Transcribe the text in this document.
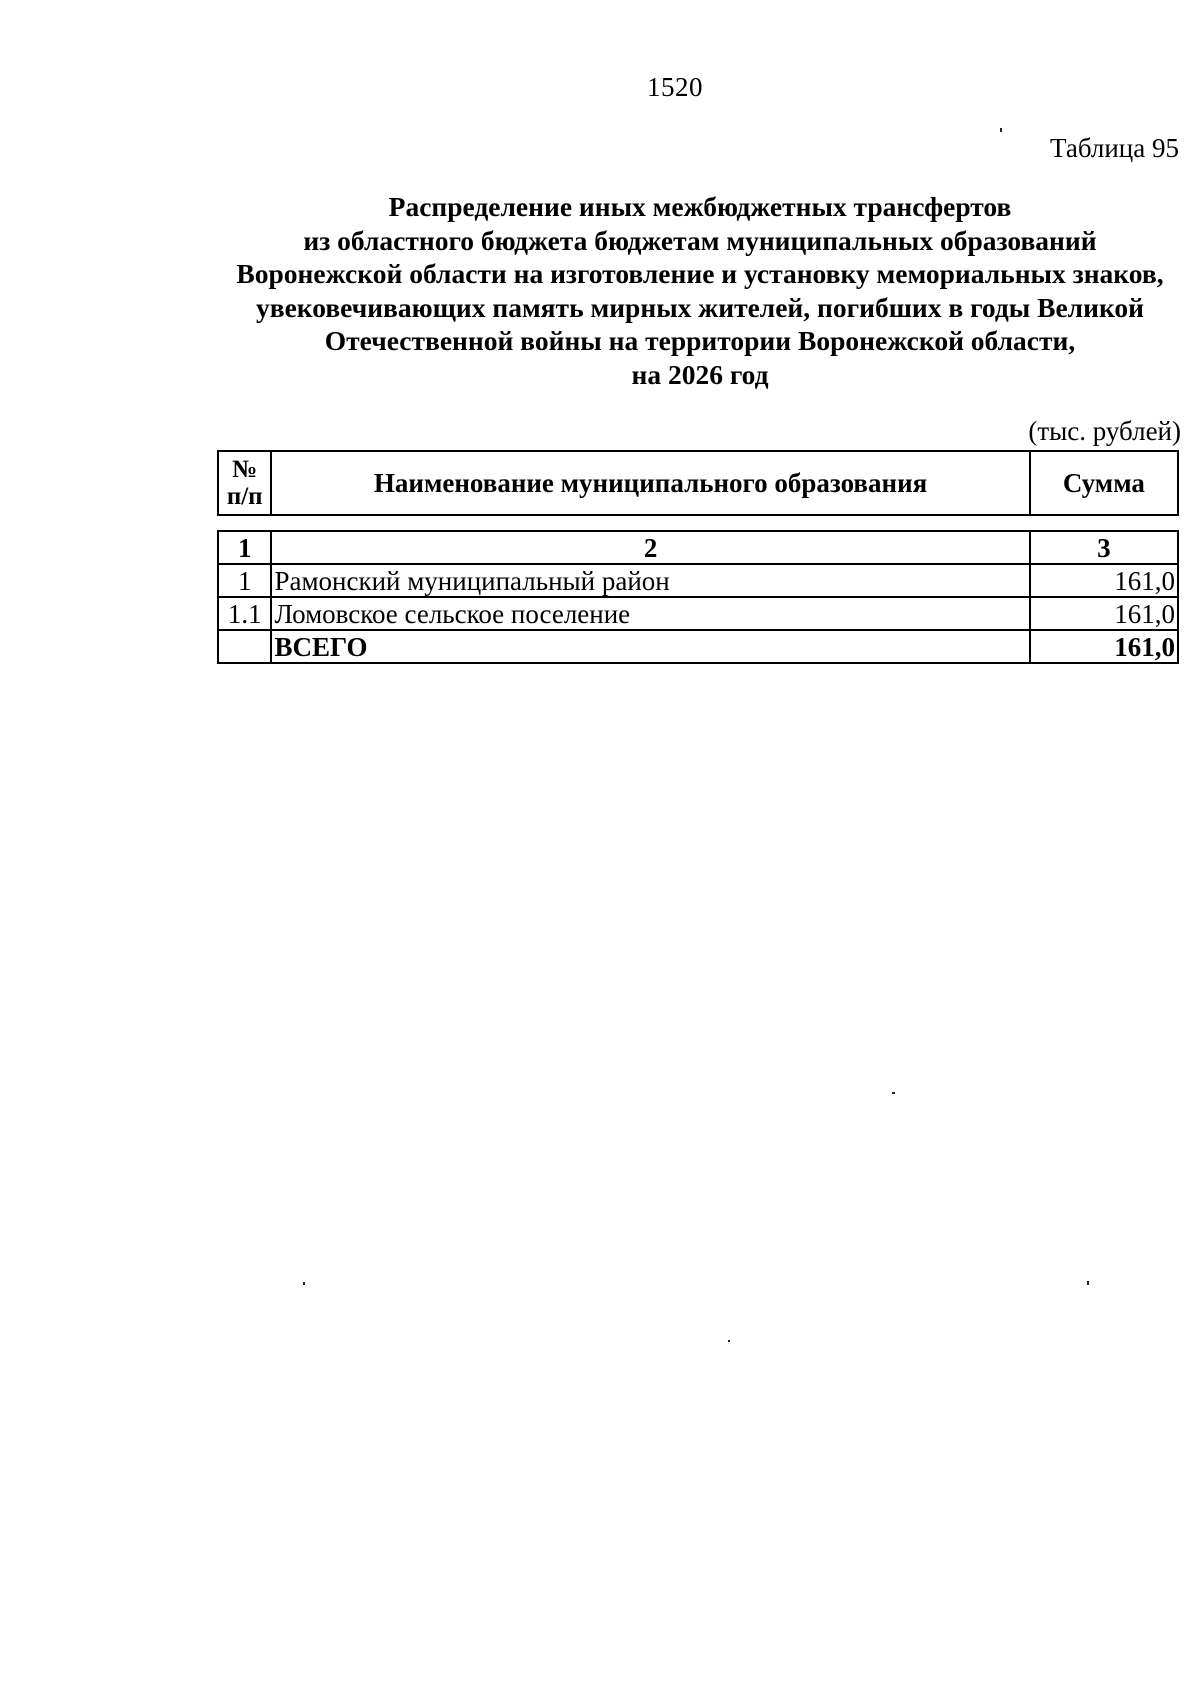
1520
Таблица 95
Распределение иных межбюджетных трансфертов
из областного бюджета бюджетам муниципальных образований
Воронежской области на изготовление и установку мемориальных знаков,
увековечивающих память мирных жителей, погибших в годы Великой
Отечественной войны на территории Воронежской области,
на 2026 год
(тыс. рублей)
№
п/п	Наименование муниципального образования	Сумма
1	2	3
1	Рамонский муниципальный район	161,0
1.1	Ломовское сельское поселение	161,0
	ВСЕГО	161,0
